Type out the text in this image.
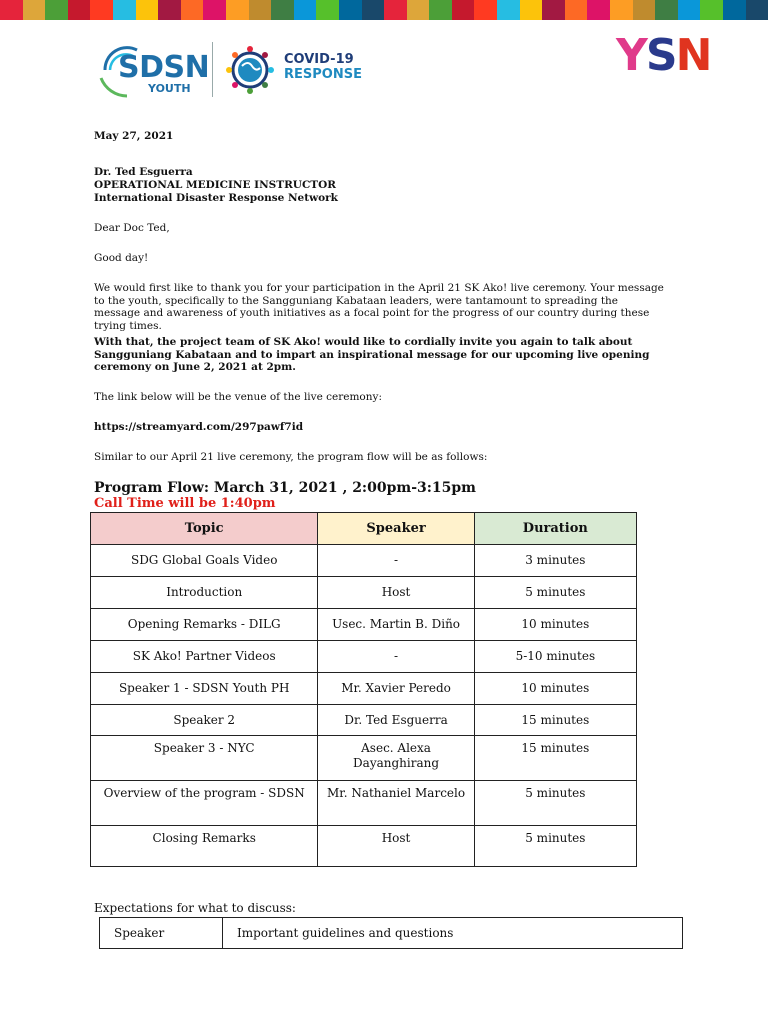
SDSN
YOUTH
COVID-19
RESPONSE	YSN
May 27, 2021
Dr. Ted Esguerra
OPERATIONAL MEDICINE INSTRUCTOR
International Disaster Response Network
Dear Doc Ted,
Good day!
We would first like to thank you for your participation in the April 21 SK Ako! live ceremony. Your message to the youth, specifically to the Sangguniang Kabataan leaders, were tantamount to spreading the message and awareness of youth initiatives as a focal point for the progress of our country during these trying times.
With that, the project team of SK Ako! would like to cordially invite you again to talk about Sangguniang Kabataan and to impart an inspirational message for our upcoming live opening ceremony on June 2, 2021 at 2pm.
The link below will be the venue of the live ceremony:
https://streamyard.com/297pawf7id
Similar to our April 21 live ceremony, the program flow will be as follows:
Program Flow: March 31, 2021 , 2:00pm-3:15pm
Call Time will be 1:40pm
Topic	Speaker	Duration
SDG Global Goals Video	-	3 minutes
Introduction	Host	5 minutes
Opening Remarks - DILG	Usec. Martin B. Diño	10 minutes
SK Ako! Partner Videos	-	5-10 minutes
Speaker 1 - SDSN Youth PH	Mr. Xavier Peredo	10 minutes
Speaker 2	Dr. Ted Esguerra	15 minutes
Speaker 3 - NYC	Asec. Alexa Dayanghirang	15 minutes
Overview of the program - SDSN	Mr. Nathaniel Marcelo	5 minutes
Closing Remarks	Host	5 minutes
Expectations for what to discuss:
Speaker	Important guidelines and questions
